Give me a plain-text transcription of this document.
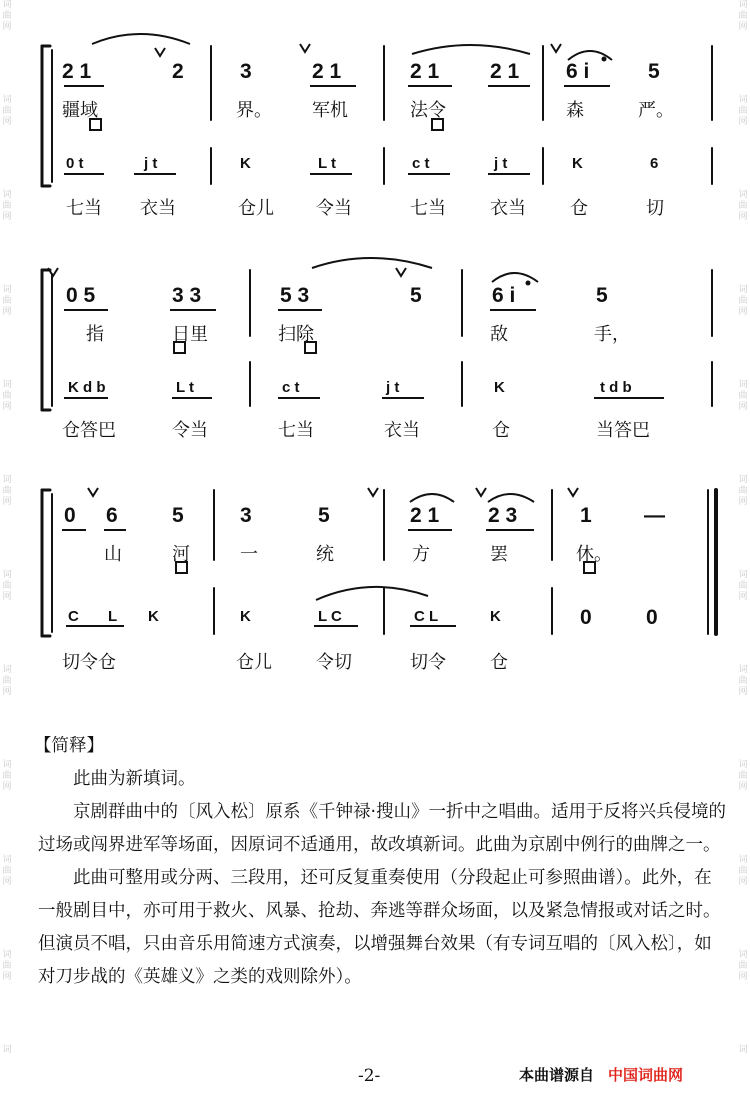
词
曲
网
词
曲
网
词
曲
网
词
曲
网
词
曲
网
词
曲
网
词
曲
网
词
曲
网
词
曲
网
词
曲
网
词
曲
网
词
词
曲
网
词
曲
网
词
曲
网
词
曲
网
词
曲
网
词
曲
网
词
曲
网
词
曲
网
词
曲
网
词
曲
网
词
曲
网
词
2 1	2	3	2 1	2 1 2 1 6 i	5
疆域	界。 军机	法令	森	严。
0 t	j t	K	L t	c t	j t	K	6
七当 衣当	仓儿 令当	七当 衣当 仓	切
0 5	3 3	5 3	5	6 i	5
指	日里	扫除	敌	手，
K d b	L t	c t	j t	K	t d b
仓答巴	令当	七当	衣当	仓	当答巴
0 6	5	3	5	2 1 2 3	1 —
山	河	一	统	方	罢	休。
C L K	K	L C	C L	K	0	0
切令仓	仓儿 令切	切令 仓

【简释】

此曲为新填词。

京剧群曲中的〔风入松〕原系《千钟禄·搜山》一折中之唱曲。适用于反将兴兵侵境的过场或闯界进军等场面，因原词不适通用，故改填新词。此曲为京剧中例行的曲牌之一。

此曲可整用或分两、三段用，还可反复重奏使用（分段起止可参照曲谱）。此外，在一般剧目中，亦可用于救火、风暴、抢劫、奔逃等群众场面，以及紧急情报或对话之时。但演员不唱，只由音乐用简速方式演奏，以增强舞台效果（有专词互唱的〔风入松〕，如对刀步战的《英雄义》之类的戏则除外）。

-2-	本曲谱源自 中国词曲网
